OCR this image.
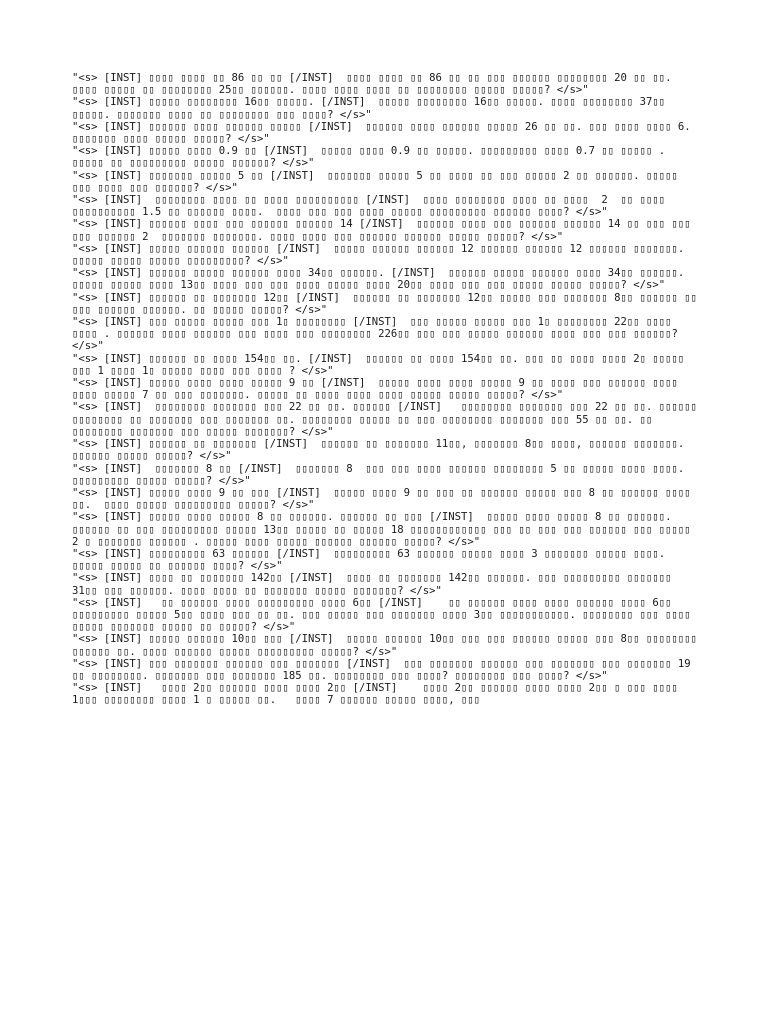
"<s> [INST] ▯▯▯▯ ▯▯▯▯ ▯▯ 86 ▯▯ ▯▯ [/INST]  ▯▯▯▯ ▯▯▯▯ ▯▯ 86 ▯▯ ▯▯ ▯▯▯ ▯▯▯▯▯▯ ▯▯▯▯▯▯▯▯ 20 ▯▯ ▯▯. ▯▯▯▯ ▯▯▯▯▯ ▯▯ ▯▯▯▯▯▯▯▯ 25▯▯ ▯▯▯▯▯▯. ▯▯▯▯ ▯▯▯▯ ▯▯▯▯ ▯▯ ▯▯▯▯▯▯▯▯ ▯▯▯▯▯ ▯▯▯▯▯? </s>"

"<s> [INST] ▯▯▯▯▯ ▯▯▯▯▯▯▯▯ 16▯▯ ▯▯▯▯▯. [/INST]  ▯▯▯▯▯ ▯▯▯▯▯▯▯▯ 16▯▯ ▯▯▯▯▯. ▯▯▯▯ ▯▯▯▯▯▯▯▯ 37▯▯ ▯▯▯▯▯. ▯▯▯▯▯▯▯ ▯▯▯▯ ▯▯ ▯▯▯▯▯▯▯▯ ▯▯▯ ▯▯▯▯? </s>"

"<s> [INST] ▯▯▯▯▯▯ ▯▯▯▯ ▯▯▯▯▯▯ ▯▯▯▯▯ [/INST]  ▯▯▯▯▯▯ ▯▯▯▯ ▯▯▯▯▯▯ ▯▯▯▯▯ 26 ▯▯ ▯▯. ▯▯▯ ▯▯▯▯ ▯▯▯▯ 6. ▯▯▯▯▯▯▯ ▯▯▯▯ ▯▯▯▯▯ ▯▯▯▯▯? </s>"

"<s> [INST] ▯▯▯▯▯ ▯▯▯▯ 0.9 ▯▯ [/INST]  ▯▯▯▯▯ ▯▯▯▯ 0.9 ▯▯ ▯▯▯▯▯. ▯▯▯▯▯▯▯▯▯ ▯▯▯▯ 0.7 ▯▯ ▯▯▯▯▯ . ▯▯▯▯▯ ▯▯ ▯▯▯▯▯▯▯▯▯ ▯▯▯▯▯ ▯▯▯▯▯▯? </s>"

"<s> [INST] ▯▯▯▯▯▯▯ ▯▯▯▯▯ 5 ▯▯ [/INST]  ▯▯▯▯▯▯▯ ▯▯▯▯▯ 5 ▯▯ ▯▯▯▯ ▯▯ ▯▯▯ ▯▯▯▯▯ 2 ▯▯ ▯▯▯▯▯▯. ▯▯▯▯▯ ▯▯▯ ▯▯▯▯ ▯▯▯ ▯▯▯▯▯▯? </s>"

"<s> [INST]  ▯▯▯▯▯▯▯▯ ▯▯▯▯ ▯▯ ▯▯▯▯ ▯▯▯▯▯▯▯▯▯▯ [/INST]  ▯▯▯▯ ▯▯▯▯▯▯▯▯ ▯▯▯▯ ▯▯ ▯▯▯▯  2  ▯▯ ▯▯▯▯ ▯▯▯▯▯▯▯▯▯▯ 1.5 ▯▯ ▯▯▯▯▯▯ ▯▯▯▯.  ▯▯▯▯ ▯▯▯ ▯▯▯ ▯▯▯▯ ▯▯▯▯▯ ▯▯▯▯▯▯▯▯▯ ▯▯▯▯▯▯ ▯▯▯▯? </s>"

"<s> [INST] ▯▯▯▯▯▯ ▯▯▯▯ ▯▯▯ ▯▯▯▯▯▯ ▯▯▯▯▯▯ 14 [/INST]  ▯▯▯▯▯▯ ▯▯▯▯ ▯▯▯ ▯▯▯▯▯▯ ▯▯▯▯▯▯ 14 ▯▯ ▯▯▯ ▯▯▯ ▯▯▯ ▯▯▯▯▯▯ 2  ▯▯▯▯▯▯▯ ▯▯▯▯▯▯▯. ▯▯▯▯ ▯▯▯▯ ▯▯▯ ▯▯▯▯▯▯ ▯▯▯▯▯▯ ▯▯▯▯▯ ▯▯▯▯▯? </s>"

"<s> [INST] ▯▯▯▯▯ ▯▯▯▯▯▯ ▯▯▯▯▯▯ [/INST]  ▯▯▯▯▯ ▯▯▯▯▯▯ ▯▯▯▯▯▯ 12 ▯▯▯▯▯▯ ▯▯▯▯▯▯ 12 ▯▯▯▯▯▯ ▯▯▯▯▯▯▯. ▯▯▯▯▯ ▯▯▯▯▯ ▯▯▯▯▯ ▯▯▯▯▯▯▯▯▯? </s>"

"<s> [INST] ▯▯▯▯▯▯ ▯▯▯▯▯ ▯▯▯▯▯▯ ▯▯▯▯ 34▯▯ ▯▯▯▯▯▯. [/INST]  ▯▯▯▯▯▯ ▯▯▯▯▯ ▯▯▯▯▯▯ ▯▯▯▯ 34▯▯ ▯▯▯▯▯▯. ▯▯▯▯▯ ▯▯▯▯▯ ▯▯▯▯ 13▯▯ ▯▯▯▯ ▯▯▯ ▯▯▯ ▯▯▯▯ ▯▯▯▯▯ ▯▯▯▯ 20▯▯ ▯▯▯▯ ▯▯▯ ▯▯▯ ▯▯▯▯▯ ▯▯▯▯▯ ▯▯▯▯▯? </s>"

"<s> [INST] ▯▯▯▯▯▯ ▯▯ ▯▯▯▯▯▯▯ 12▯▯ [/INST]  ▯▯▯▯▯▯ ▯▯ ▯▯▯▯▯▯▯ 12▯▯ ▯▯▯▯▯ ▯▯▯ ▯▯▯▯▯▯▯ 8▯▯ ▯▯▯▯▯▯ ▯▯ ▯▯▯ ▯▯▯▯▯▯ ▯▯▯▯▯▯. ▯▯ ▯▯▯▯▯ ▯▯▯▯▯? </s>"

"<s> [INST] ▯▯▯ ▯▯▯▯▯ ▯▯▯▯▯ ▯▯▯ 1▯ ▯▯▯▯▯▯▯▯ [/INST]  ▯▯▯ ▯▯▯▯▯ ▯▯▯▯▯ ▯▯▯ 1▯ ▯▯▯▯▯▯▯▯ 22▯▯ ▯▯▯▯ ▯▯▯▯ . ▯▯▯▯▯▯ ▯▯▯▯ ▯▯▯▯▯▯ ▯▯▯ ▯▯▯▯ ▯▯▯ ▯▯▯▯▯▯▯▯ 226▯▯ ▯▯▯ ▯▯▯ ▯▯▯▯▯ ▯▯▯▯▯▯ ▯▯▯▯ ▯▯▯ ▯▯▯ ▯▯▯▯▯▯? </s>"

"<s> [INST] ▯▯▯▯▯▯ ▯▯ ▯▯▯▯ 154▯▯ ▯▯. [/INST]  ▯▯▯▯▯▯ ▯▯ ▯▯▯▯ 154▯▯ ▯▯. ▯▯▯ ▯▯ ▯▯▯▯ ▯▯▯▯ 2▯ ▯▯▯▯▯ ▯▯▯ 1 ▯▯▯▯ 1▯ ▯▯▯▯▯ ▯▯▯▯ ▯▯▯ ▯▯▯▯ ? </s>"

"<s> [INST] ▯▯▯▯▯ ▯▯▯▯ ▯▯▯▯ ▯▯▯▯▯ 9 ▯▯ [/INST]  ▯▯▯▯▯ ▯▯▯▯ ▯▯▯▯ ▯▯▯▯▯ 9 ▯▯ ▯▯▯▯ ▯▯▯ ▯▯▯▯▯▯ ▯▯▯▯ ▯▯▯▯ ▯▯▯▯▯ 7 ▯▯ ▯▯▯ ▯▯▯▯▯▯▯. ▯▯▯▯▯ ▯▯ ▯▯▯▯ ▯▯▯▯ ▯▯▯▯ ▯▯▯▯▯ ▯▯▯▯▯ ▯▯▯▯▯? </s>"

"<s> [INST]  ▯▯▯▯▯▯▯▯ ▯▯▯▯▯▯▯ ▯▯▯ 22 ▯▯ ▯▯. ▯▯▯▯▯▯ [/INST]   ▯▯▯▯▯▯▯▯ ▯▯▯▯▯▯▯ ▯▯▯ 22 ▯▯ ▯▯. ▯▯▯▯▯▯ ▯▯▯▯▯▯▯▯ ▯▯ ▯▯▯▯▯▯▯ ▯▯▯ ▯▯▯▯▯▯▯ ▯▯. ▯▯▯▯▯▯▯▯ ▯▯▯▯▯ ▯▯ ▯▯▯ ▯▯▯▯▯▯▯▯ ▯▯▯▯▯▯▯ ▯▯▯ 55 ▯▯ ▯▯. ▯▯ ▯▯▯▯▯▯▯▯ ▯▯▯▯▯▯▯ ▯▯▯ ▯▯▯▯▯ ▯▯▯▯▯▯▯? </s>"

"<s> [INST] ▯▯▯▯▯▯ ▯▯ ▯▯▯▯▯▯▯ [/INST]  ▯▯▯▯▯▯ ▯▯ ▯▯▯▯▯▯▯ 11▯▯, ▯▯▯▯▯▯▯ 8▯▯ ▯▯▯▯, ▯▯▯▯▯▯ ▯▯▯▯▯▯▯. ▯▯▯▯▯▯ ▯▯▯▯▯ ▯▯▯▯▯? </s>"

"<s> [INST]  ▯▯▯▯▯▯▯ 8 ▯▯ [/INST]  ▯▯▯▯▯▯▯ 8  ▯▯▯ ▯▯▯ ▯▯▯▯ ▯▯▯▯▯▯ ▯▯▯▯▯▯▯▯ 5 ▯▯ ▯▯▯▯▯ ▯▯▯▯ ▯▯▯▯.  ▯▯▯▯▯▯▯▯▯ ▯▯▯▯▯ ▯▯▯▯▯? </s>"

"<s> [INST] ▯▯▯▯▯ ▯▯▯▯ 9 ▯▯ ▯▯▯ [/INST]  ▯▯▯▯▯ ▯▯▯▯ 9 ▯▯ ▯▯▯ ▯▯ ▯▯▯▯▯▯ ▯▯▯▯▯ ▯▯▯ 8 ▯▯ ▯▯▯▯▯▯ ▯▯▯▯ ▯▯.  ▯▯▯▯ ▯▯▯▯▯ ▯▯▯▯▯▯▯▯▯ ▯▯▯▯▯? </s>"

"<s> [INST] ▯▯▯▯▯ ▯▯▯▯ ▯▯▯▯▯ 8 ▯▯ ▯▯▯▯▯▯. ▯▯▯▯▯▯ ▯▯ ▯▯▯ [/INST]  ▯▯▯▯▯ ▯▯▯▯ ▯▯▯▯▯ 8 ▯▯ ▯▯▯▯▯▯. ▯▯▯▯▯▯ ▯▯ ▯▯▯ ▯▯▯▯▯▯▯▯▯ ▯▯▯▯▯ 13▯▯ ▯▯▯▯▯ ▯▯ ▯▯▯▯▯ 18 ▯▯▯▯▯▯▯▯▯▯▯▯ ▯▯▯ ▯▯ ▯▯▯ ▯▯▯ ▯▯▯▯▯▯ ▯▯▯ ▯▯▯▯▯ 2 ▯ ▯▯▯▯▯▯▯ ▯▯▯▯▯▯ . ▯▯▯▯▯ ▯▯▯▯ ▯▯▯▯▯ ▯▯▯▯▯▯ ▯▯▯▯▯▯ ▯▯▯▯▯? </s>"

"<s> [INST] ▯▯▯▯▯▯▯▯▯ 63 ▯▯▯▯▯▯ [/INST]  ▯▯▯▯▯▯▯▯▯ 63 ▯▯▯▯▯▯ ▯▯▯▯▯ ▯▯▯▯ 3 ▯▯▯▯▯▯▯ ▯▯▯▯▯ ▯▯▯▯. ▯▯▯▯▯ ▯▯▯▯▯ ▯▯ ▯▯▯▯▯▯ ▯▯▯▯? </s>"

"<s> [INST] ▯▯▯▯ ▯▯ ▯▯▯▯▯▯▯ 142▯▯ [/INST]  ▯▯▯▯ ▯▯ ▯▯▯▯▯▯▯ 142▯▯ ▯▯▯▯▯▯. ▯▯▯ ▯▯▯▯▯▯▯▯▯ ▯▯▯▯▯▯▯ 31▯▯ ▯▯▯ ▯▯▯▯▯▯. ▯▯▯▯ ▯▯▯▯ ▯▯ ▯▯▯▯▯▯▯ ▯▯▯▯▯ ▯▯▯▯▯▯▯? </s>"

"<s> [INST]   ▯▯ ▯▯▯▯▯▯ ▯▯▯▯ ▯▯▯▯▯▯▯▯▯ ▯▯▯▯ 6▯▯ [/INST]    ▯▯ ▯▯▯▯▯▯ ▯▯▯▯ ▯▯▯▯ ▯▯▯▯▯▯ ▯▯▯▯ 6▯▯ ▯▯▯▯▯▯▯▯▯ ▯▯▯▯▯ 5▯▯ ▯▯▯▯ ▯▯▯ ▯▯ ▯▯. ▯▯▯ ▯▯▯▯▯ ▯▯▯ ▯▯▯▯▯▯▯ ▯▯▯▯ 3▯▯ ▯▯▯▯▯▯▯▯▯▯▯. ▯▯▯▯▯▯▯▯ ▯▯▯ ▯▯▯▯ ▯▯▯▯▯ ▯▯▯▯▯▯▯ ▯▯▯▯▯ ▯▯ ▯▯▯▯▯? </s>"

"<s> [INST] ▯▯▯▯▯ ▯▯▯▯▯▯ 10▯▯ ▯▯▯ [/INST]  ▯▯▯▯▯ ▯▯▯▯▯▯ 10▯▯ ▯▯▯ ▯▯▯ ▯▯▯▯▯▯ ▯▯▯▯▯ ▯▯▯ 8▯▯ ▯▯▯▯▯▯▯▯ ▯▯▯▯▯▯ ▯▯. ▯▯▯▯ ▯▯▯▯▯▯ ▯▯▯▯▯ ▯▯▯▯▯▯▯▯▯ ▯▯▯▯▯? </s>"

"<s> [INST] ▯▯▯ ▯▯▯▯▯▯▯ ▯▯▯▯▯▯ ▯▯▯ ▯▯▯▯▯▯▯ [/INST]  ▯▯▯ ▯▯▯▯▯▯▯ ▯▯▯▯▯▯ ▯▯▯ ▯▯▯▯▯▯▯ ▯▯▯ ▯▯▯▯▯▯▯ 19 ▯▯ ▯▯▯▯▯▯▯▯. ▯▯▯▯▯▯▯ ▯▯▯ ▯▯▯▯▯▯▯ 185 ▯▯. ▯▯▯▯▯▯▯▯ ▯▯▯ ▯▯▯▯? ▯▯▯▯▯▯▯▯ ▯▯▯ ▯▯▯▯? </s>"

"<s> [INST]   ▯▯▯▯ 2▯▯ ▯▯▯▯▯▯ ▯▯▯▯ ▯▯▯▯ 2▯▯ [/INST]    ▯▯▯▯ 2▯▯ ▯▯▯▯▯▯ ▯▯▯▯ ▯▯▯▯ 2▯▯ ▯ ▯▯▯ ▯▯▯▯ 1▯▯▯ ▯▯▯▯▯▯▯▯ ▯▯▯▯ 1 ▯ ▯▯▯▯▯ ▯▯.   ▯▯▯▯ 7 ▯▯▯▯▯▯ ▯▯▯▯▯ ▯▯▯▯, ▯▯▯
